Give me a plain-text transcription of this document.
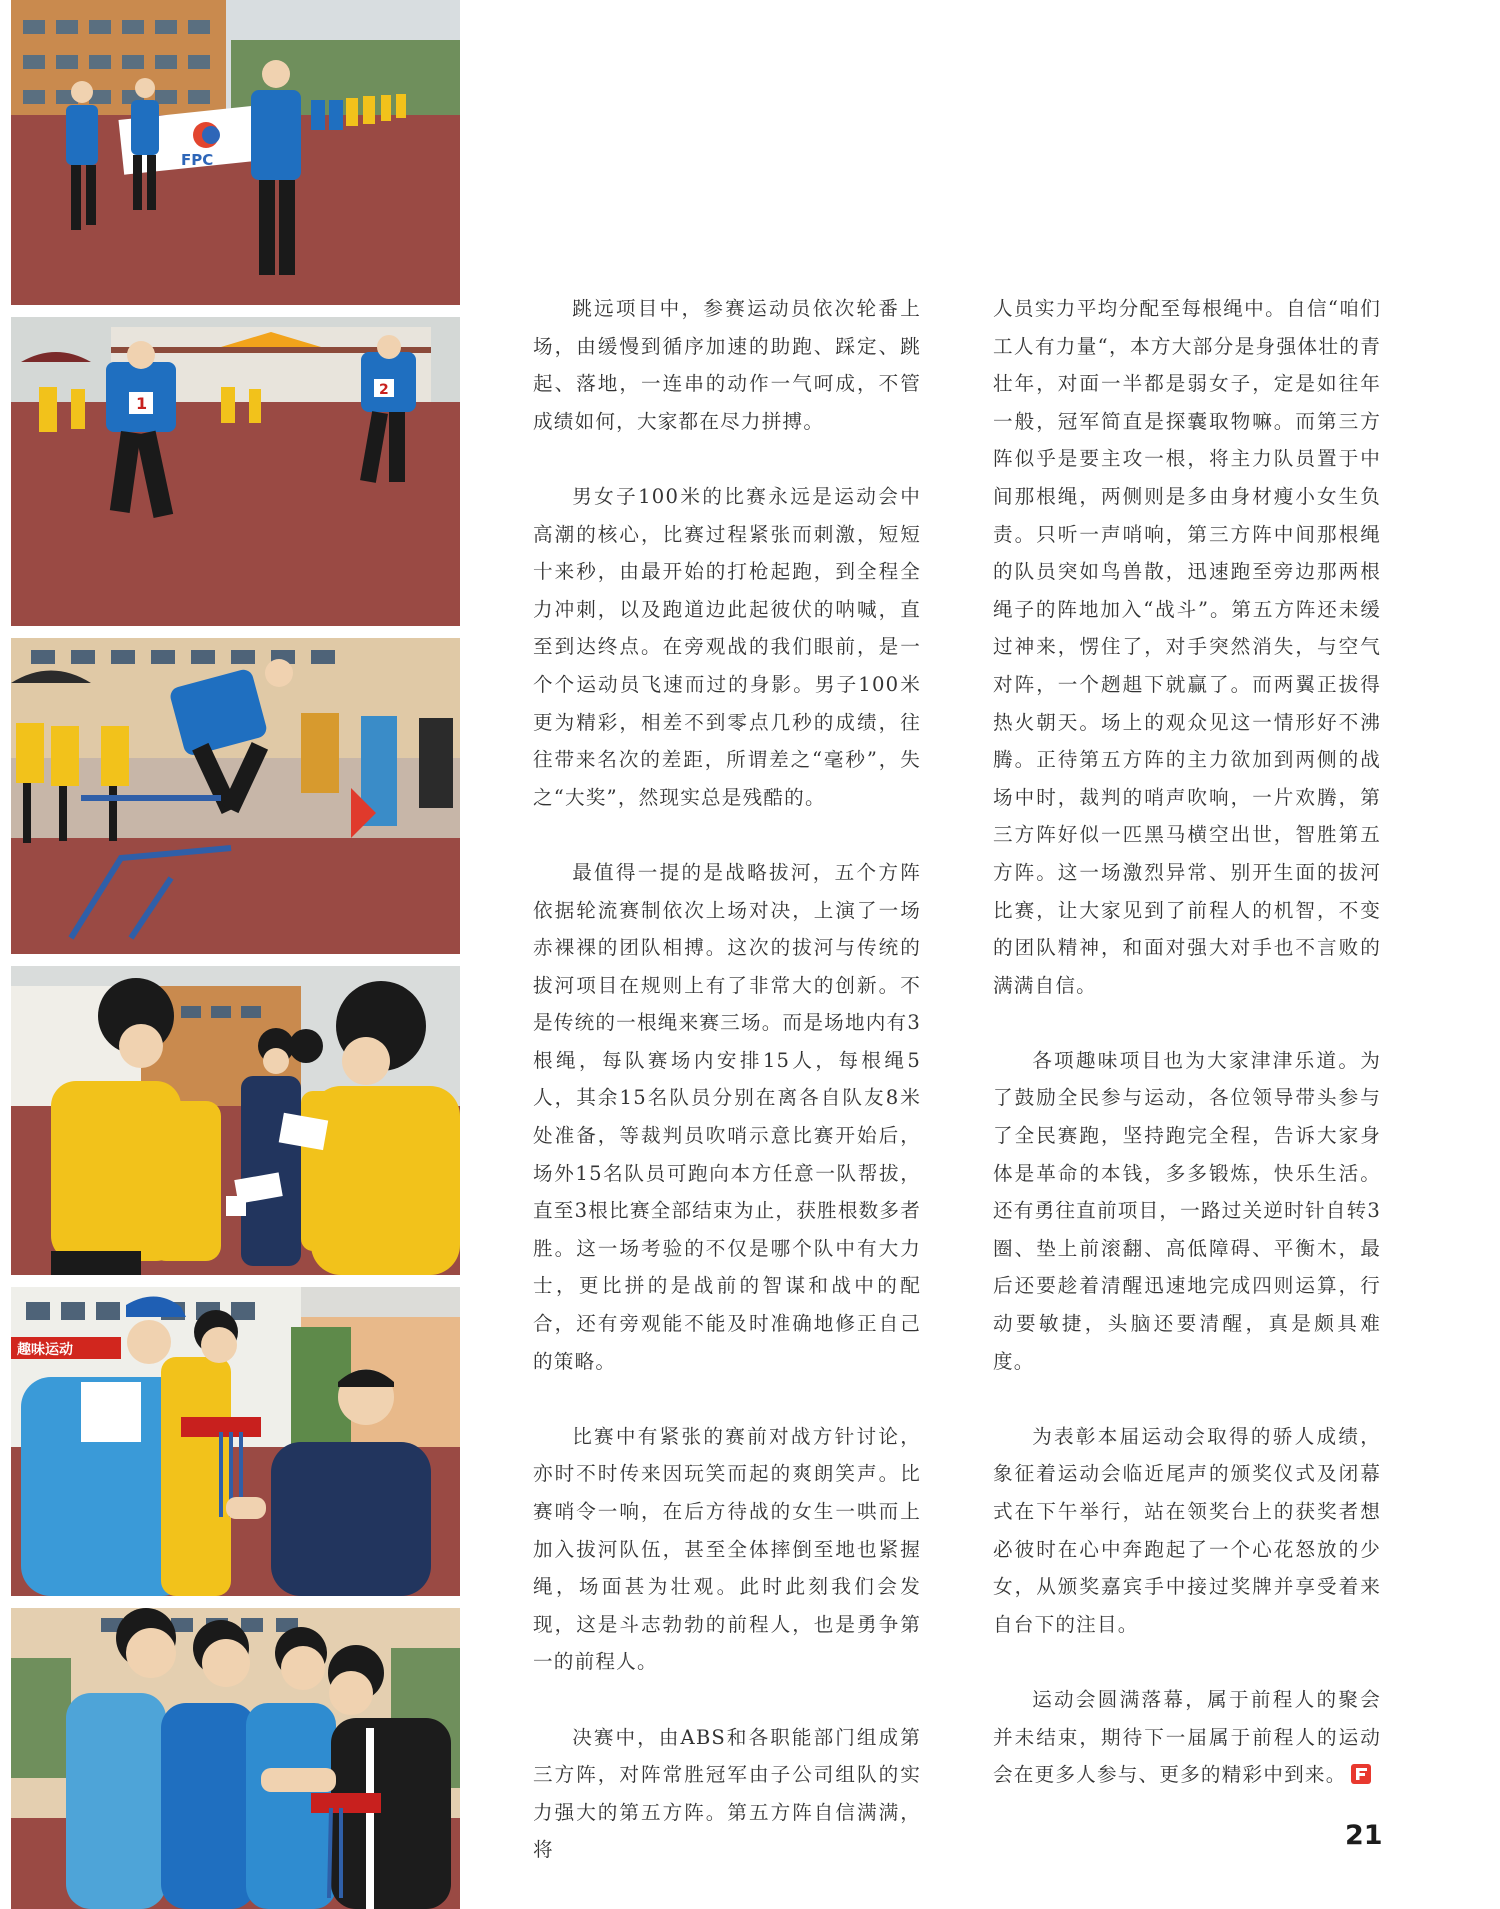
FPC
1
2
趣味运动

跳远项目中，参赛运动员依次轮番上场，由缓慢到循序加速的助跑、踩定、跳起、落地，一连串的动作一气呵成，不管成绩如何，大家都在尽力拼搏。

男女子100米的比赛永远是运动会中高潮的核心，比赛过程紧张而刺激，短短十来秒，由最开始的打枪起跑，到全程全力冲刺，以及跑道边此起彼伏的呐喊，直至到达终点。在旁观战的我们眼前，是一个个运动员飞速而过的身影。男子100米更为精彩，相差不到零点几秒的成绩，往往带来名次的差距，所谓差之“毫秒”，失之“大奖”，然现实总是残酷的。

最值得一提的是战略拔河，五个方阵依据轮流赛制依次上场对决，上演了一场赤裸裸的团队相搏。这次的拔河与传统的拔河项目在规则上有了非常大的创新。不是传统的一根绳来赛三场。而是场地内有3根绳，每队赛场内安排15人，每根绳5人，其余15名队员分别在离各自队友8米处准备，等裁判员吹哨示意比赛开始后，场外15名队员可跑向本方任意一队帮拔，直至3根比赛全部结束为止，获胜根数多者胜。这一场考验的不仅是哪个队中有大力士，更比拼的是战前的智谋和战中的配合，还有旁观能不能及时准确地修正自己的策略。

比赛中有紧张的赛前对战方针讨论，亦时不时传来因玩笑而起的爽朗笑声。比赛哨令一响，在后方待战的女生一哄而上加入拔河队伍，甚至全体摔倒至地也紧握绳，场面甚为壮观。此时此刻我们会发现，这是斗志勃勃的前程人，也是勇争第一的前程人。

决赛中，由ABS和各职能部门组成第三方阵，对阵常胜冠军由子公司组队的实力强大的第五方阵。第五方阵自信满满，将

人员实力平均分配至每根绳中。自信“咱们工人有力量“，本方大部分是身强体壮的青壮年，对面一半都是弱女子，定是如往年一般，冠军简直是探囊取物嘛。而第三方阵似乎是要主攻一根，将主力队员置于中间那根绳，两侧则是多由身材瘦小女生负责。只听一声哨响，第三方阵中间那根绳的队员突如鸟兽散，迅速跑至旁边那两根绳子的阵地加入“战斗”。第五方阵还未缓过神来，愣住了，对手突然消失，与空气对阵，一个趔趄下就赢了。而两翼正拔得热火朝天。场上的观众见这一情形好不沸腾。正待第五方阵的主力欲加到两侧的战场中时，裁判的哨声吹响，一片欢腾，第三方阵好似一匹黑马横空出世，智胜第五方阵。这一场激烈异常、别开生面的拔河比赛，让大家见到了前程人的机智，不变的团队精神，和面对强大对手也不言败的满满自信。

各项趣味项目也为大家津津乐道。为了鼓励全民参与运动，各位领导带头参与了全民赛跑，坚持跑完全程，告诉大家身体是革命的本钱，多多锻炼，快乐生活。还有勇往直前项目，一路过关逆时针自转3圈、垫上前滚翻、高低障碍、平衡木，最后还要趁着清醒迅速地完成四则运算，行动要敏捷，头脑还要清醒，真是颇具难度。

为表彰本届运动会取得的骄人成绩，象征着运动会临近尾声的颁奖仪式及闭幕式在下午举行，站在领奖台上的获奖者想必彼时在心中奔跑起了一个心花怒放的少女，从颁奖嘉宾手中接过奖牌并享受着来自台下的注目。

运动会圆满落幕，属于前程人的聚会并未结束，期待下一届属于前程人的运动会在更多人参与、更多的精彩中到来。

21
